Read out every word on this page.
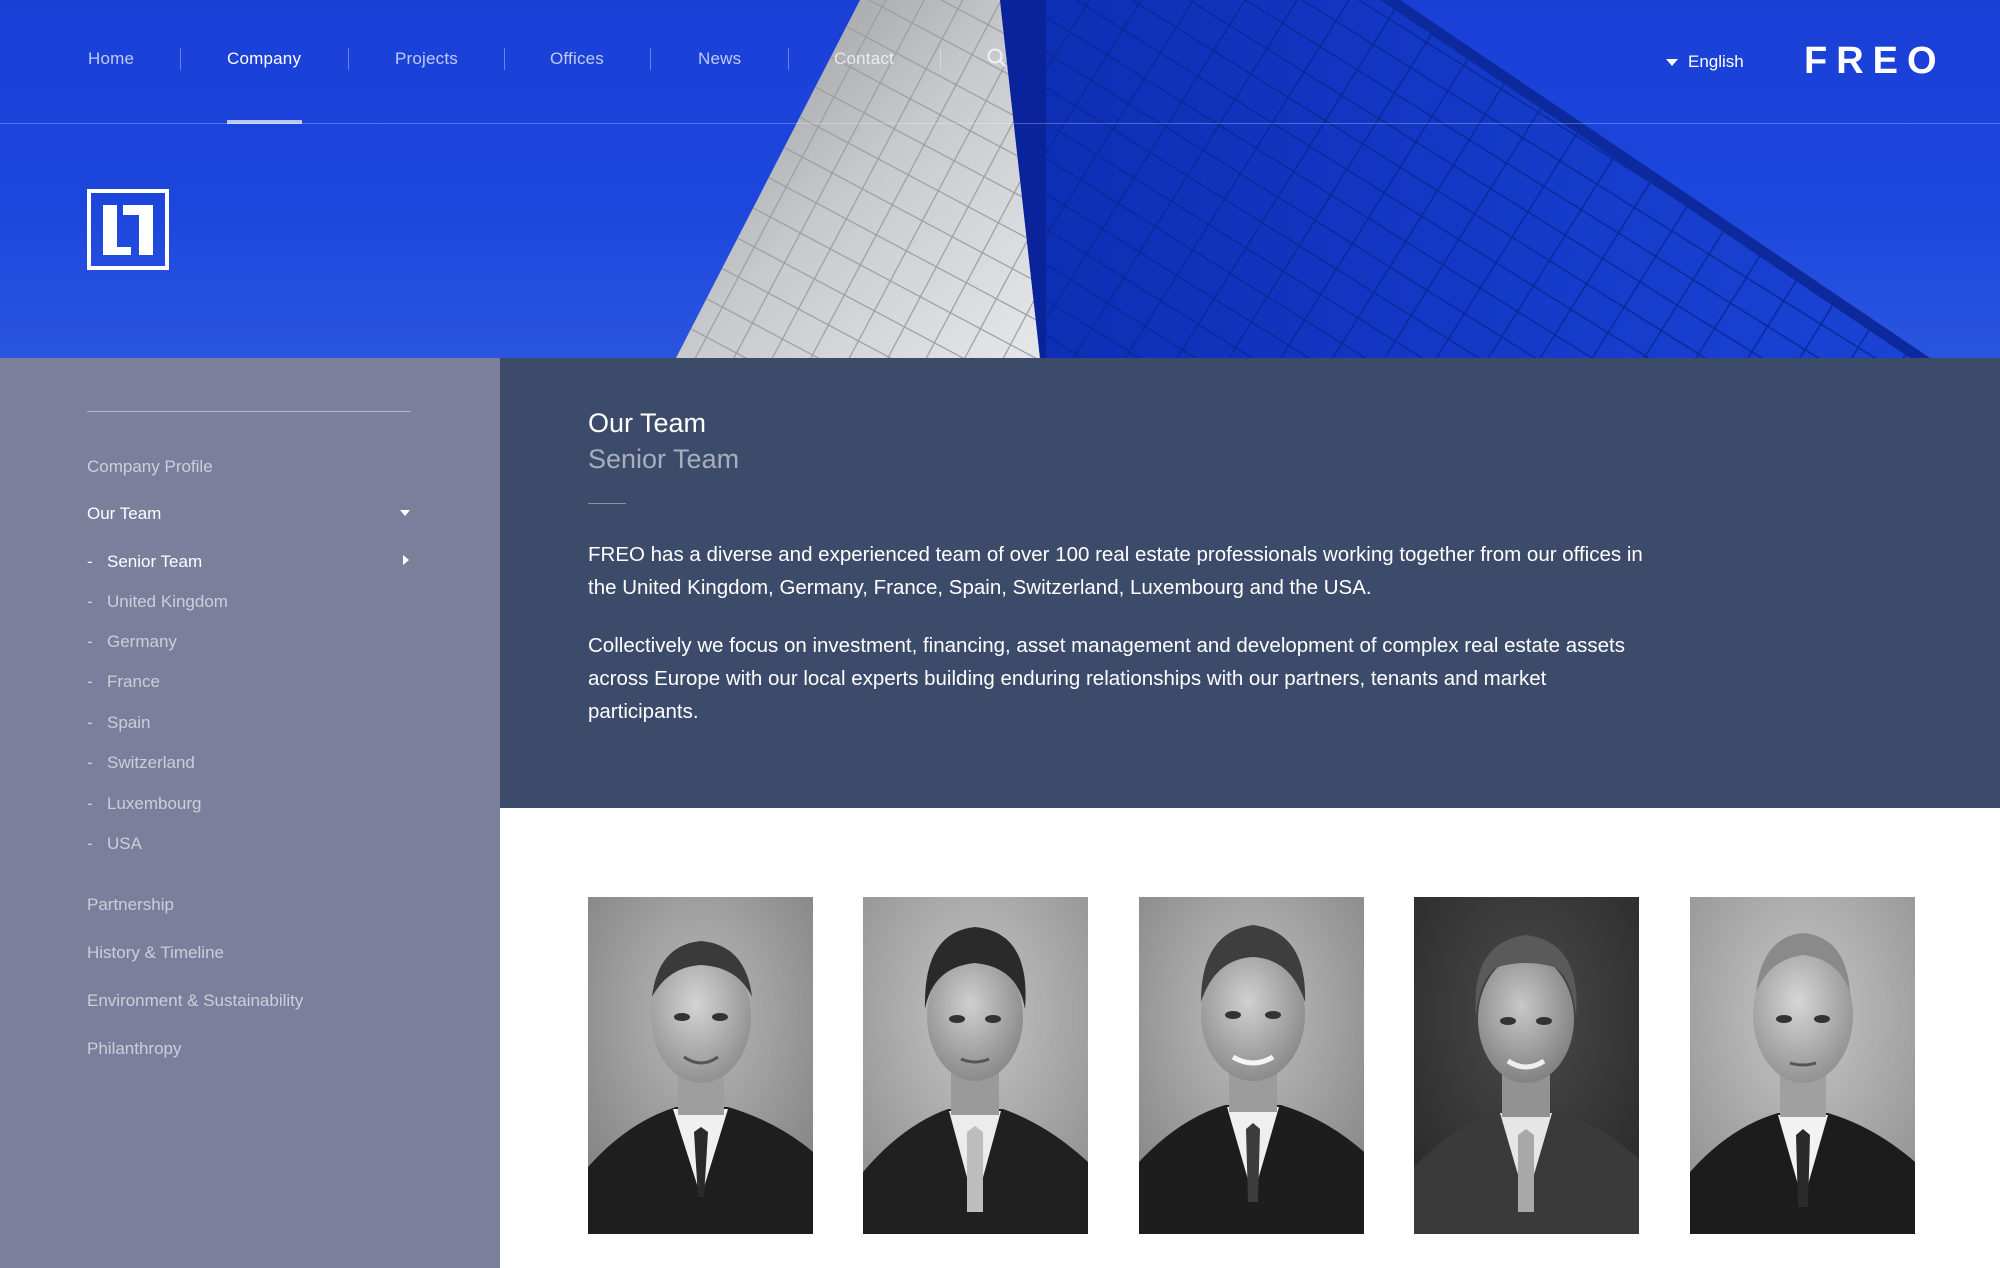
Home	Company	Projects	Offices	News	Contact	English FREO
Company Profile
Our Team
- Senior Team
- United Kingdom
- Germany
- France
- Spain
- Switzerland
- Luxembourg
- USA
Partnership
History & Timeline
Environment & Sustainability
Philanthropy
Our Team
Senior Team

FREO has a diverse and experienced team of over 100 real estate professionals working together from our offices in the United Kingdom, Germany, France, Spain, Switzerland, Luxembourg and the USA.

Collectively we focus on investment, financing, asset management and development of complex real estate assets across Europe with our local experts building enduring relationships with our partners, tenants and market participants.
